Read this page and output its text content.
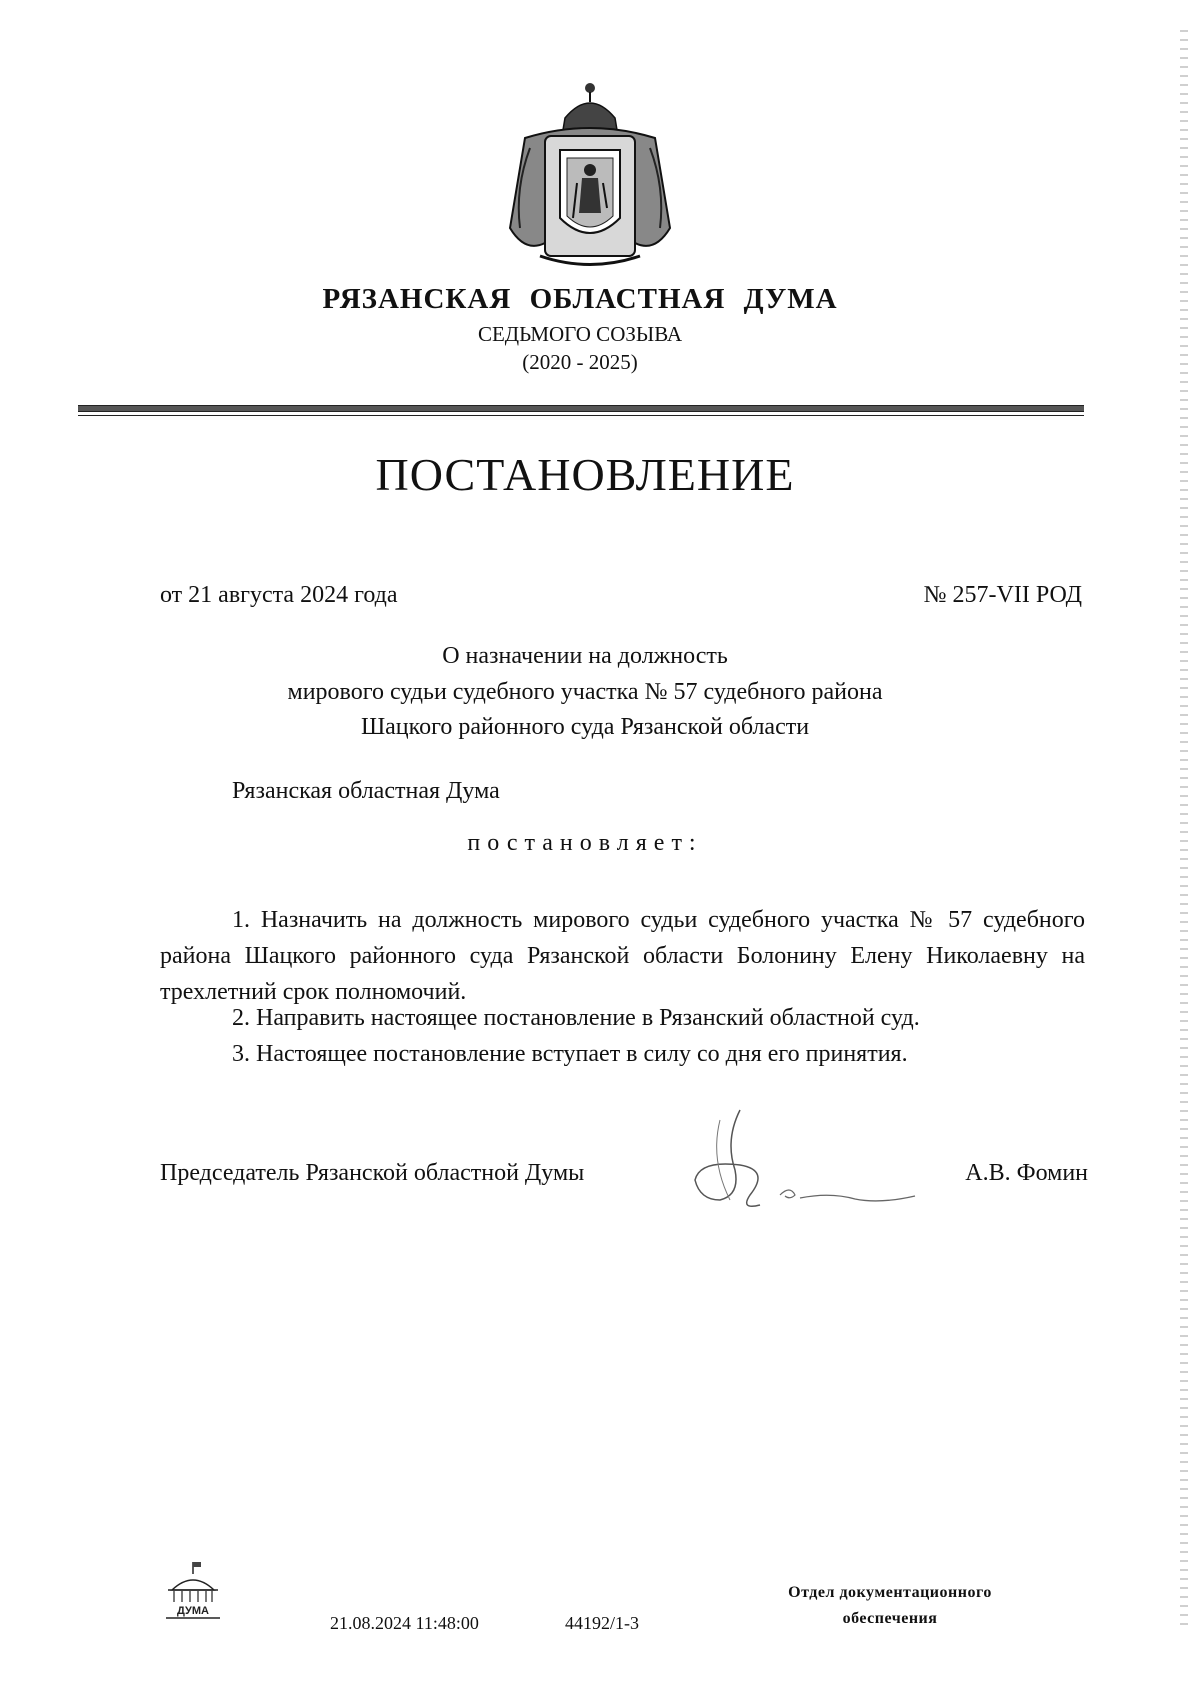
РЯЗАНСКАЯ ОБЛАСТНАЯ ДУМА
СЕДЬМОГО СОЗЫВА
(2020 - 2025)
ПОСТАНОВЛЕНИЕ
от 21 августа 2024 года	№ 257-VII РОД
О назначении на должность
мирового судьи судебного участка № 57 судебного района
Шацкого районного суда Рязанской области
Рязанская областная Дума
постановляет:
1. Назначить на должность мирового судьи судебного участка № 57 судебного района Шацкого районного суда Рязанской области Болонину Елену Николаевну на трехлетний срок полномочий.
2. Направить настоящее постановление в Рязанский областной суд.
3. Настоящее постановление вступает в силу со дня его принятия.
Председатель Рязанской областной Думы	А.В. Фомин
ДУМА
21.08.2024 11:48:00	44192/1-3
Отдел документационного
обеспечения
